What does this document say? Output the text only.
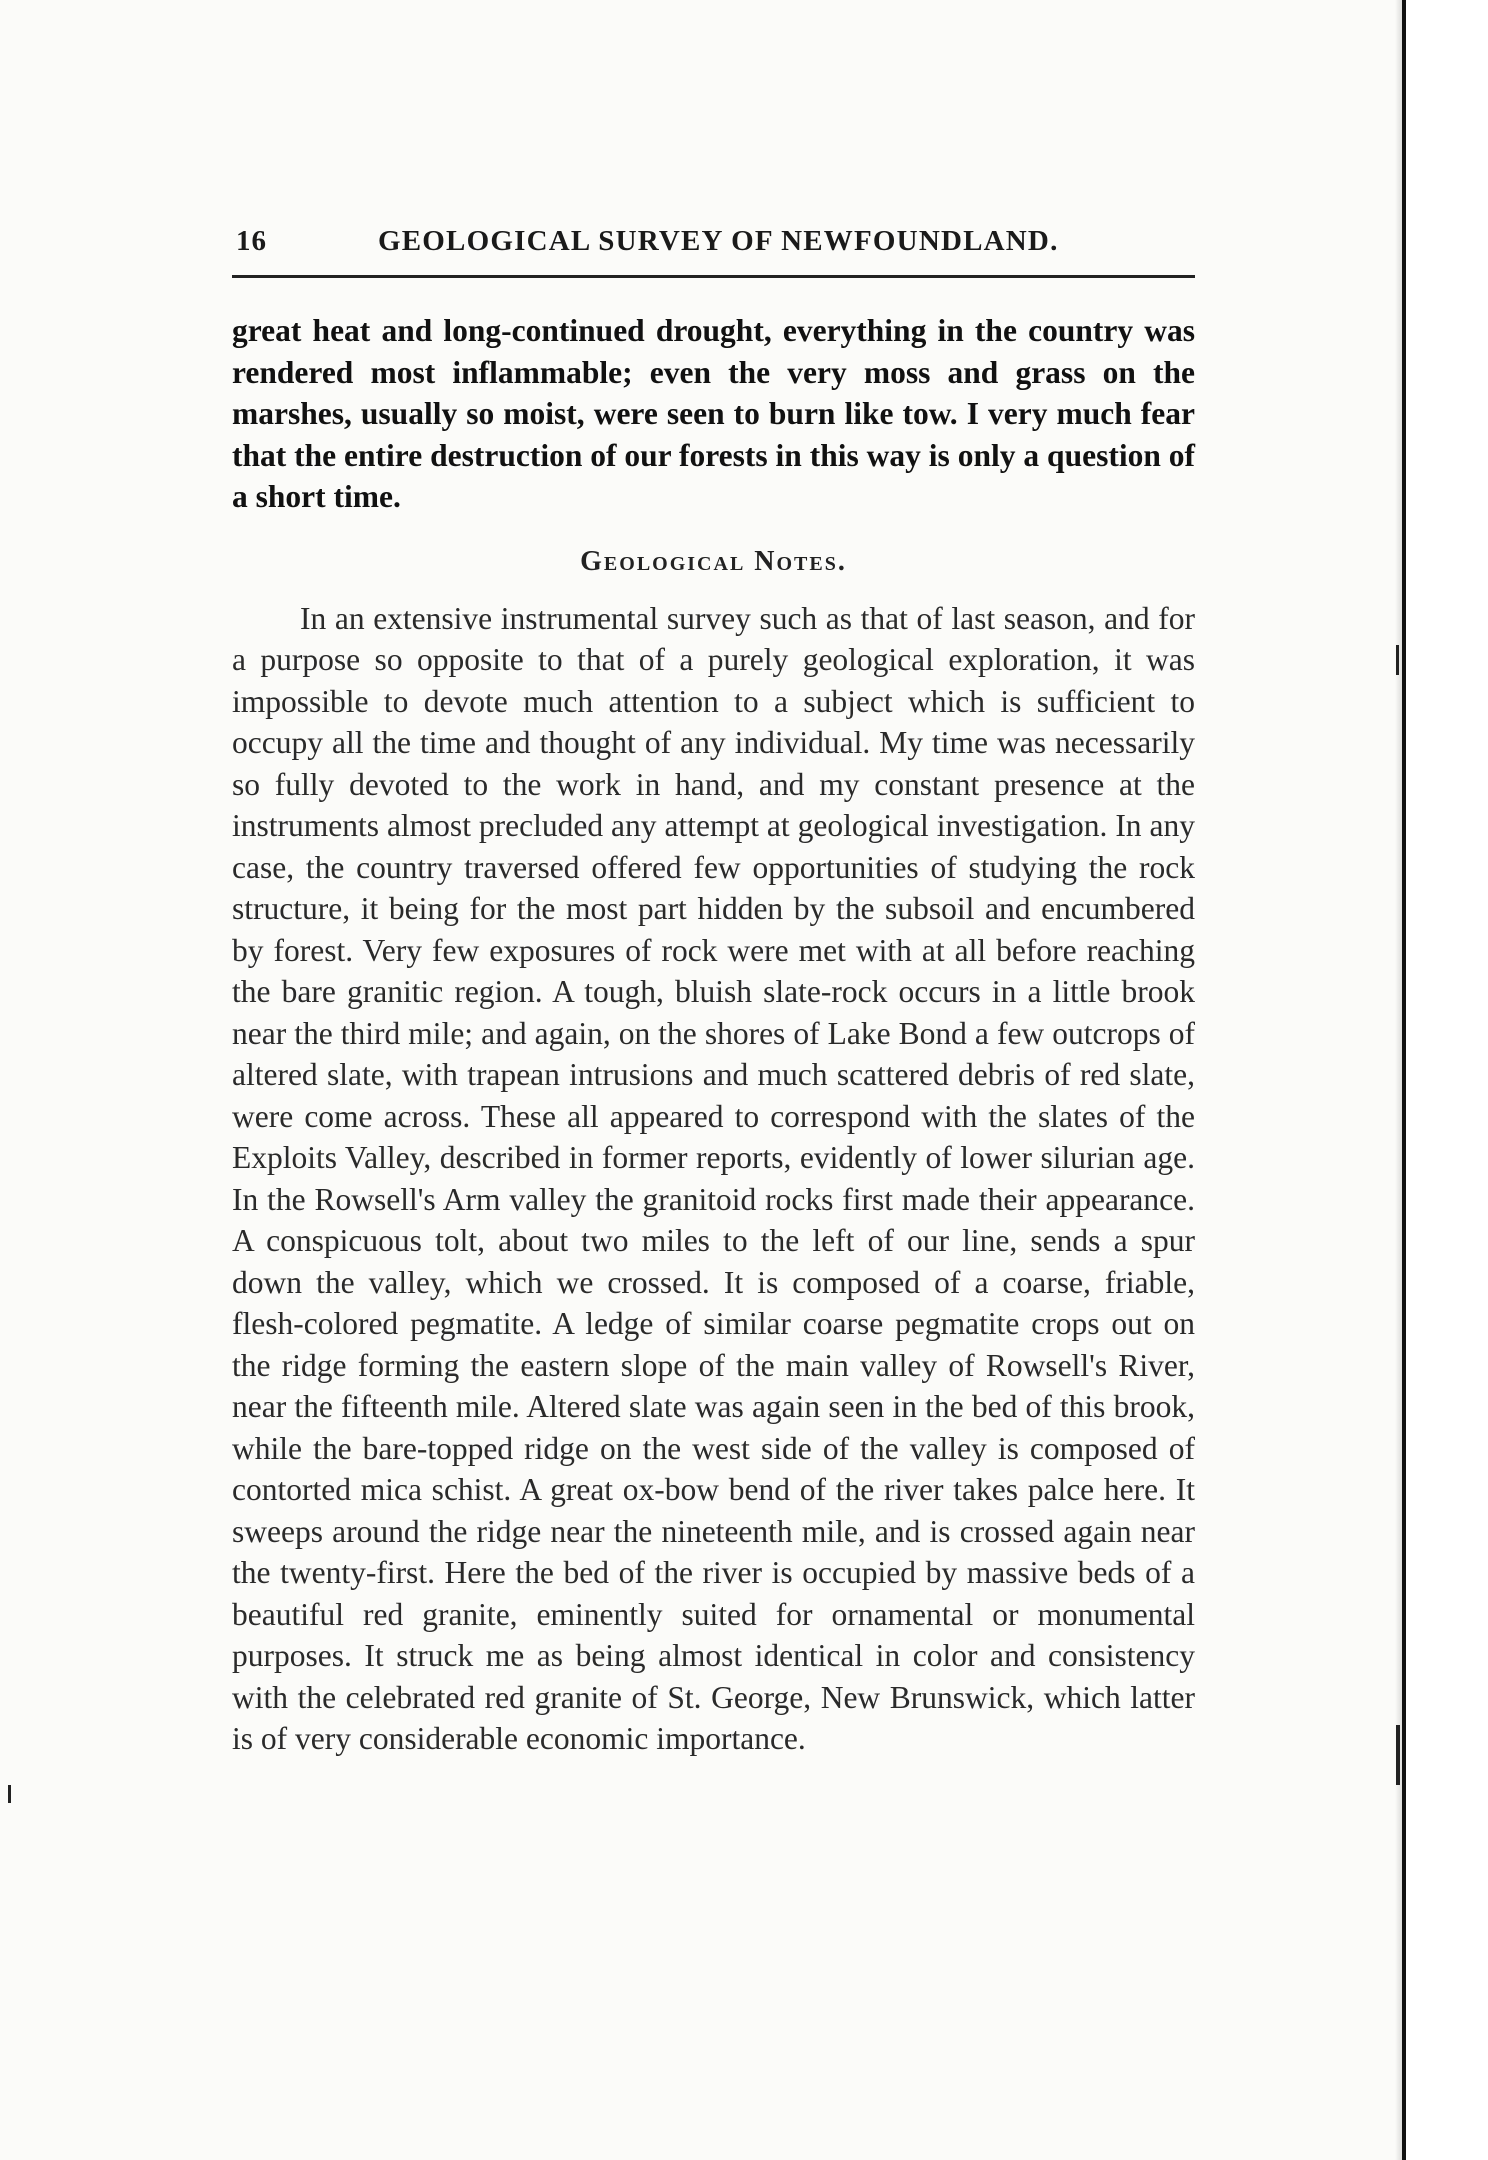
16	GEOLOGICAL SURVEY OF NEWFOUNDLAND.

great heat and long-continued drought, everything in the country was rendered most inflammable; even the very moss and grass on the marshes, usually so moist, were seen to burn like tow. I very much fear that the entire destruction of our forests in this way is only a question of a short time.

Geological Notes.

In an extensive instrumental survey such as that of last season, and for a purpose so opposite to that of a purely geological exploration, it was impossible to devote much attention to a subject which is sufficient to occupy all the time and thought of any individual. My time was necessarily so fully devoted to the work in hand, and my constant presence at the instruments almost precluded any attempt at geological investigation. In any case, the country traversed offered few opportunities of studying the rock structure, it being for the most part hidden by the subsoil and encumbered by forest. Very few exposures of rock were met with at all before reaching the bare granitic region. A tough, bluish slate-rock occurs in a little brook near the third mile; and again, on the shores of Lake Bond a few outcrops of altered slate, with trapean intrusions and much scattered debris of red slate, were come across. These all appeared to correspond with the slates of the Exploits Valley, described in former reports, evidently of lower silurian age. In the Rowsell's Arm valley the granitoid rocks first made their appearance. A conspicuous tolt, about two miles to the left of our line, sends a spur down the valley, which we crossed. It is composed of a coarse, friable, flesh-colored pegmatite. A ledge of similar coarse pegmatite crops out on the ridge forming the eastern slope of the main valley of Rowsell's River, near the fifteenth mile. Altered slate was again seen in the bed of this brook, while the bare-topped ridge on the west side of the valley is composed of contorted mica schist. A great ox-bow bend of the river takes palce here. It sweeps around the ridge near the nineteenth mile, and is crossed again near the twenty-first. Here the bed of the river is occupied by massive beds of a beautiful red granite, eminently suited for ornamental or monumental purposes. It struck me as being almost identical in color and consistency with the celebrated red granite of St. George, New Brunswick, which latter is of very considerable economic importance.
